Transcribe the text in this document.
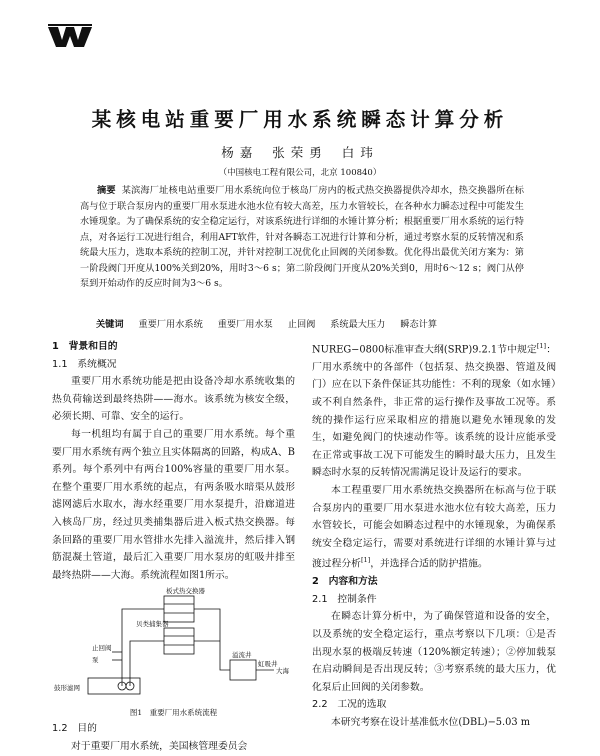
某核电站重要厂用水系统瞬态计算分析
杨嘉 张荣勇 白玮
（中国核电工程有限公司，北京 100840）
摘要 某滨海厂址核电站重要厂用水系统向位于核岛厂房内的板式热交换器提供冷却水，热交换器所在标高与位于联合泵房内的重要厂用水泵进水池水位有较大高差，压力水管较长，在各种水力瞬态过程中可能发生水锤现象。为了确保系统的安全稳定运行，对该系统进行详细的水锤计算分析；根据重要厂用水系统的运行特点，对各运行工况进行组合，利用AFT软件，针对各瞬态工况进行计算和分析，通过考察水泵的反转情况和系统最大压力，选取本系统的控制工况，并针对控制工况优化止回阀的关闭参数。优化得出最优关闭方案为：第一阶段阀门开度从100%关到20%，用时3～6 s；第二阶段阀门开度从20%关到0，用时6～12 s；阀门从停泵到开始动作的反应时间为3～6 s。
关键词 重要厂用水系统 重要厂用水泵 止回阀 系统最大压力 瞬态计算
1　背景和目的
1.1　系统概况

重要厂用水系统功能是把由设备冷却水系统收集的热负荷输送到最终热阱——海水。该系统为核安全级，必须长期、可靠、安全的运行。

每一机组均有属于自己的重要厂用水系统。每个重要厂用水系统有两个独立且实体隔离的回路，构成A、B系列。每个系列中有两台100%容量的重要厂用水泵。在整个重要厂用水系统的起点，有两条吸水暗渠从鼓形滤网滤后水取水，海水经重要厂用水泵提升，沿廊道进入核岛厂房，经过贝类捕集器后进入板式热交换器。每条回路的重要厂用水管排水先排入溢流井，然后排入钢筋混凝土管道，最后汇入重要厂用水泵房的虹吸井排至最终热阱——大海。系统流程如图1所示。

板式热交换器
溢流井
虹吸井
大海
止回阀
泵
贝类捕集器
鼓形滤网
图1　重要厂用水系统流程
1.2　目的

对于重要厂用水系统，美国核管理委员会

NUREG−0800标准审查大纲(SRP)9.2.1节中规定[1]：厂用水系统中的各部件（包括泵、热交换器、管道及阀门）应在以下条件保证其功能性：不利的现象（如水锤）或不利自然条件，非正常的运行操作及事故工况等。系统的操作运行应采取相应的措施以避免水锤现象的发生，如避免阀门的快速动作等。该系统的设计应能承受在正常或事故工况下可能发生的瞬时最大压力，且发生瞬态时水泵的反转情况需满足设计及运行的要求。

本工程重要厂用水系统热交换器所在标高与位于联合泵房内的重要厂用水泵进水池水位有较大高差，压力水管较长，可能会如瞬态过程中的水锤现象，为确保系统安全稳定运行，需要对系统进行详细的水锤计算与过渡过程分析[1]，并选择合适的防护措施。

2　内容和方法
2.1　控制条件

在瞬态计算分析中，为了确保管道和设备的安全，以及系统的安全稳定运行，重点考察以下几项：①是否出现水泵的极端反转速（120%额定转速）；②停加载泵在启动瞬间是否出现反转；③考察系统的最大压力，优化泵后止回阀的关闭参数。

2.2　工况的选取

本研究考察在设计基准低水位(DBL)−5.03 m
